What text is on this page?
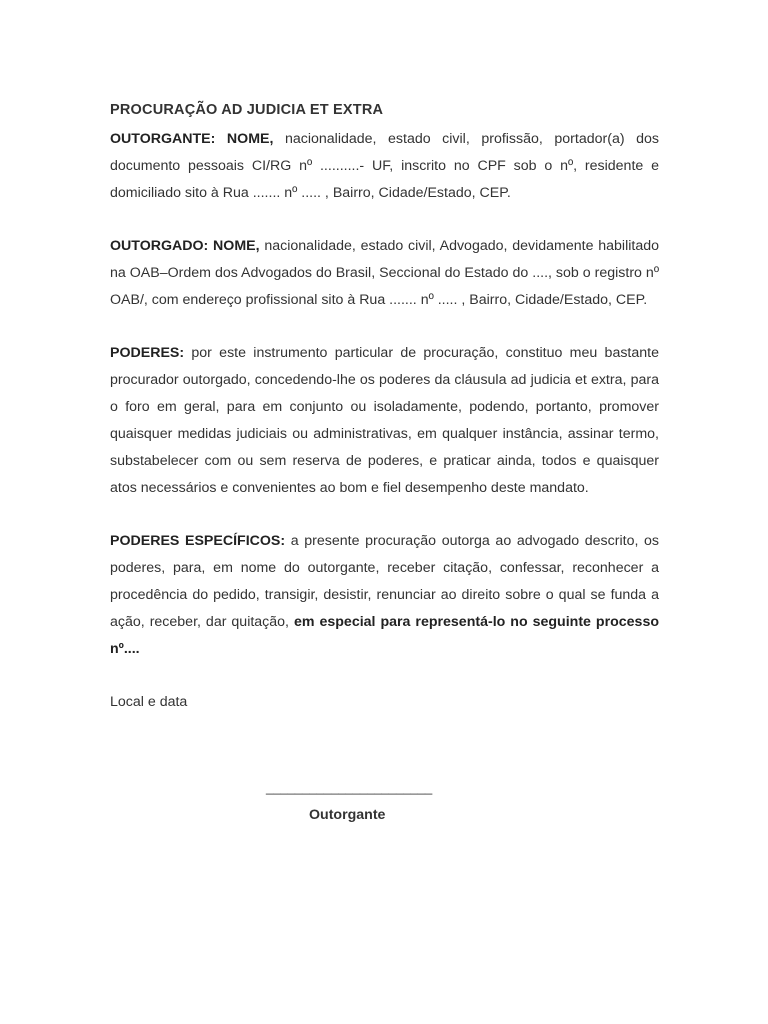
PROCURAÇÃO AD JUDICIA ET EXTRA

OUTORGANTE: NOME, nacionalidade, estado civil, profissão, portador(a) dos documento pessoais CI/RG nº ..........- UF, inscrito no CPF sob o nº, residente e domiciliado sito à Rua ....... nº ..... , Bairro, Cidade/Estado, CEP.

OUTORGADO: NOME, nacionalidade, estado civil, Advogado, devidamente habilitado na OAB–Ordem dos Advogados do Brasil, Seccional do Estado do ...., sob o registro nº OAB/, com endereço profissional sito à Rua ....... nº ..... , Bairro, Cidade/Estado, CEP.

PODERES: por este instrumento particular de procuração, constituo meu bastante procurador outorgado, concedendo-lhe os poderes da cláusula ad judicia et extra, para o foro em geral, para em conjunto ou isoladamente, podendo, portanto, promover quaisquer medidas judiciais ou administrativas, em qualquer instância, assinar termo, substabelecer com ou sem reserva de poderes, e praticar ainda, todos e quaisquer atos necessários e convenientes ao bom e fiel desempenho deste mandato.

PODERES ESPECÍFICOS: a presente procuração outorga ao advogado descrito, os poderes, para, em nome do outorgante, receber citação, confessar, reconhecer a procedência do pedido, transigir, desistir, renunciar ao direito sobre o qual se funda a ação, receber, dar quitação, em especial para representá-lo no seguinte processo nº....

Local e data

_______________________
Outorgante
